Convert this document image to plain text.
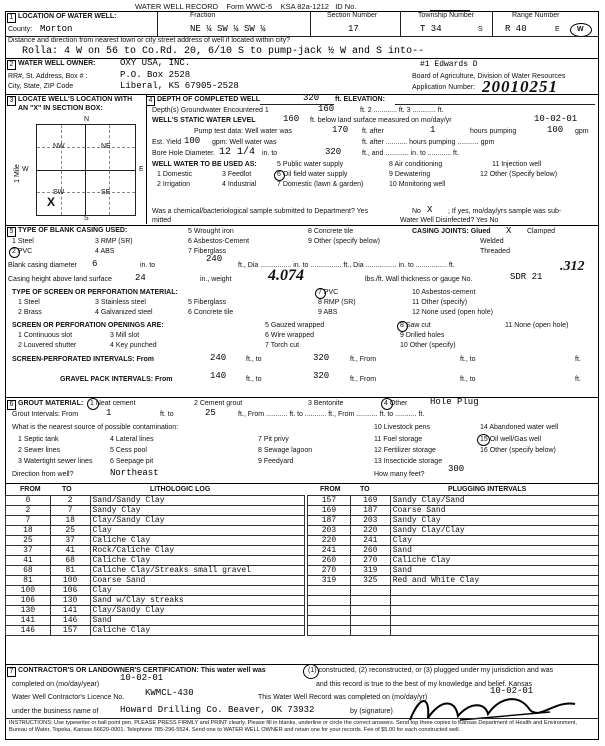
WATER WELL RECORD Form WWC-5 KSA 82a-1212 ID No.
1 LOCATION OF WATER WELL:	Fraction	Section Number	Township Number	Range Number
County: Morton	NE ¼ SW ¼ SW ¼	17	T 34	S R 40	E W
Distance and direction from nearest town or city street address of well if located within city?
Rolla: 4 W on 56 to Co.Rd. 20, 6/10 S to pump-jack ½ W and S into--
2 WATER WELL OWNER:	OXY USA, INC.	#1 Edwards D
RR#, St. Address, Box # :	P.O. Box 2528	Board of Agriculture, Division of Water Resources
City, State, ZIP Code	Liberal, KS 67905-2528	Application Number: 20010251
3 LOCATE WELL'S LOCATION WITH
AN "X" IN SECTION BOX:
4
N
S
W	E
NW	NE
SW	SE
X
1 Mile
DEPTH OF COMPLETED WELL	320 ft. ELEVATION:
Depth(s) Groundwater Encountered 1	160	ft. 2 ............ ft. 3 ............ ft.
WELL'S STATIC WATER LEVEL	160 ft. below land surface measured on mo/day/yr	10-02-01
Pump test data: Well water was	170 ft. after	1	hours pumping	100 gpm
Est. Yield 100 gpm: Well water was	ft. after ........... hours pumping ........... gpm
Bore Hole Diameter. 12 1/4 in. to	320	ft., and ............ in. to ............ ft.
WELL WATER TO BE USED AS:	5 Public water supply	8 Air conditioning	11 Injection well
1 Domestic	3 Feedlot	6 Oil field water supply	9 Dewatering	12 Other (Specify below)
2 Irrigation	4 Industrial	7 Domestic (lawn & garden)	10 Monitoring well
Was a chemical/bacteriological sample submitted to Department? Yes	No X ; If yes, mo/day/yrs sample was sub-
mitted	Water Well Disinfected? Yes No
5 TYPE OF BLANK CASING USED:
1 Steel
2 PVC
3 RMP (SR)
4 ABS
5 Wrought iron
6 Asbestos-Cement
7 Fiberglass
8 Concrete tile
9 Other (specify below)
CASING JOINTS: Glued X Clamped
Welded
Threaded
Blank casing diameter 6	in. to
240
ft., Dia ................ in. to ................ ft., Dia ................ in. to ................ ft.
Casing height above land surface	24	in., weight 4.074	lbs./ft. Wall thickness or gauge No.	SDR 21
.312
TYPE OF SCREEN OR PERFORATION MATERIAL:
1 Steel	3 Stainless steel	5 Fiberglass
7 PVC	10 Asbestos-cement
2 Brass	4 Galvanized steel	6 Concrete tile
8 RMP (SR)	11 Other (specify)
9 ABS	12 None used (open hole)
SCREEN OR PERFORATION OPENINGS ARE:	5 Gauzed wrapped	8 Saw cut	11 None (open hole)
1 Continuous slot	3 Mill slot	6 Wire wrapped	9 Drilled holes
2 Louvered shutter	4 Key punched	7 Torch cut	10 Other (specify)
SCREEN-PERFORATED INTERVALS: From	240	ft., to	320	ft., From	ft., to	ft.
GRAVEL PACK INTERVALS: From	140	ft., to	320	ft., From	ft., to	ft.
6 GROUT MATERIAL: 1 Neat cement	2 Cement grout	3 Bentonite	4 Other	Hole Plug
Grout Intervals: From	1	ft. to	25	ft., From ........... ft. to ........... ft., From ........... ft. to ........... ft.
What is the nearest source of possible contamination:	10 Livestock pens	14 Abandoned water well
1 Septic tank	4 Lateral lines	7 Pit privy	11 Fuel storage	15 Oil well/Gas well
2 Sewer lines	5 Cess pool	8 Sewage lagoon	12 Fertilizer storage	16 Other (specify below)
3 Watertight sewer lines	6 Seepage pit	9 Feedyard	13 Insecticide storage
Direction from well?	Northeast	How many feet?
300
FROM	TO	LITHOLOGIC LOG	FROM	TO	PLUGGING INTERVALS
0	2	Sand/Sandy Clay
2	7	Sandy Clay
7	18	Clay/Sandy Clay
18	25	Clay
25	37	Caliche Clay
37	41	Rock/Caliche Clay
41	68	Caliche Clay
68	81	Caliche Clay/Streaks small gravel
81	100	Coarse Sand
100	106	Clay
106	130	Sand w/Clay streaks
130	141	Clay/Sandy Clay
141	146	Sand
146	157	Caliche Clay
157	169	Sandy Clay/Sand
169	187	Coarse Sand
187	203	Sandy Clay
203	220	Sandy Clay/Clay
220	241	Clay
241	260	Sand
260	270	Caliche Clay
270	319	Sand
319	325	Red and White Clay

7 CONTRACTOR'S OR LANDOWNER'S CERTIFICATION: This water well was	(1) constructed, (2) reconstructed, or (3) plugged under my jurisdiction and was
completed on (mo/day/year)
10-02-01
and this record is true to the best of my knowledge and belief. Kansas
Water Well Contractor's Licence No. KWMCL-430	This Water Well Record was completed on (mo/day/yr)
10-02-01
under the business name of Howard Drilling Co. Beaver, OK 73932	by (signature)
INSTRUCTIONS: Use typewriter or ball point pen. PLEASE PRESS FIRMLY and PRINT clearly. Please fill in blanks, underline or circle the correct answers. Send top three copies to Kansas Department of Health and Environment, Bureau of Water, Topeka, Kansas 66620-0001. Telephone 785-296-5524. Send one to WATER WELL OWNER and retain one for your records. Fee of $5.00 for each constructed well.
